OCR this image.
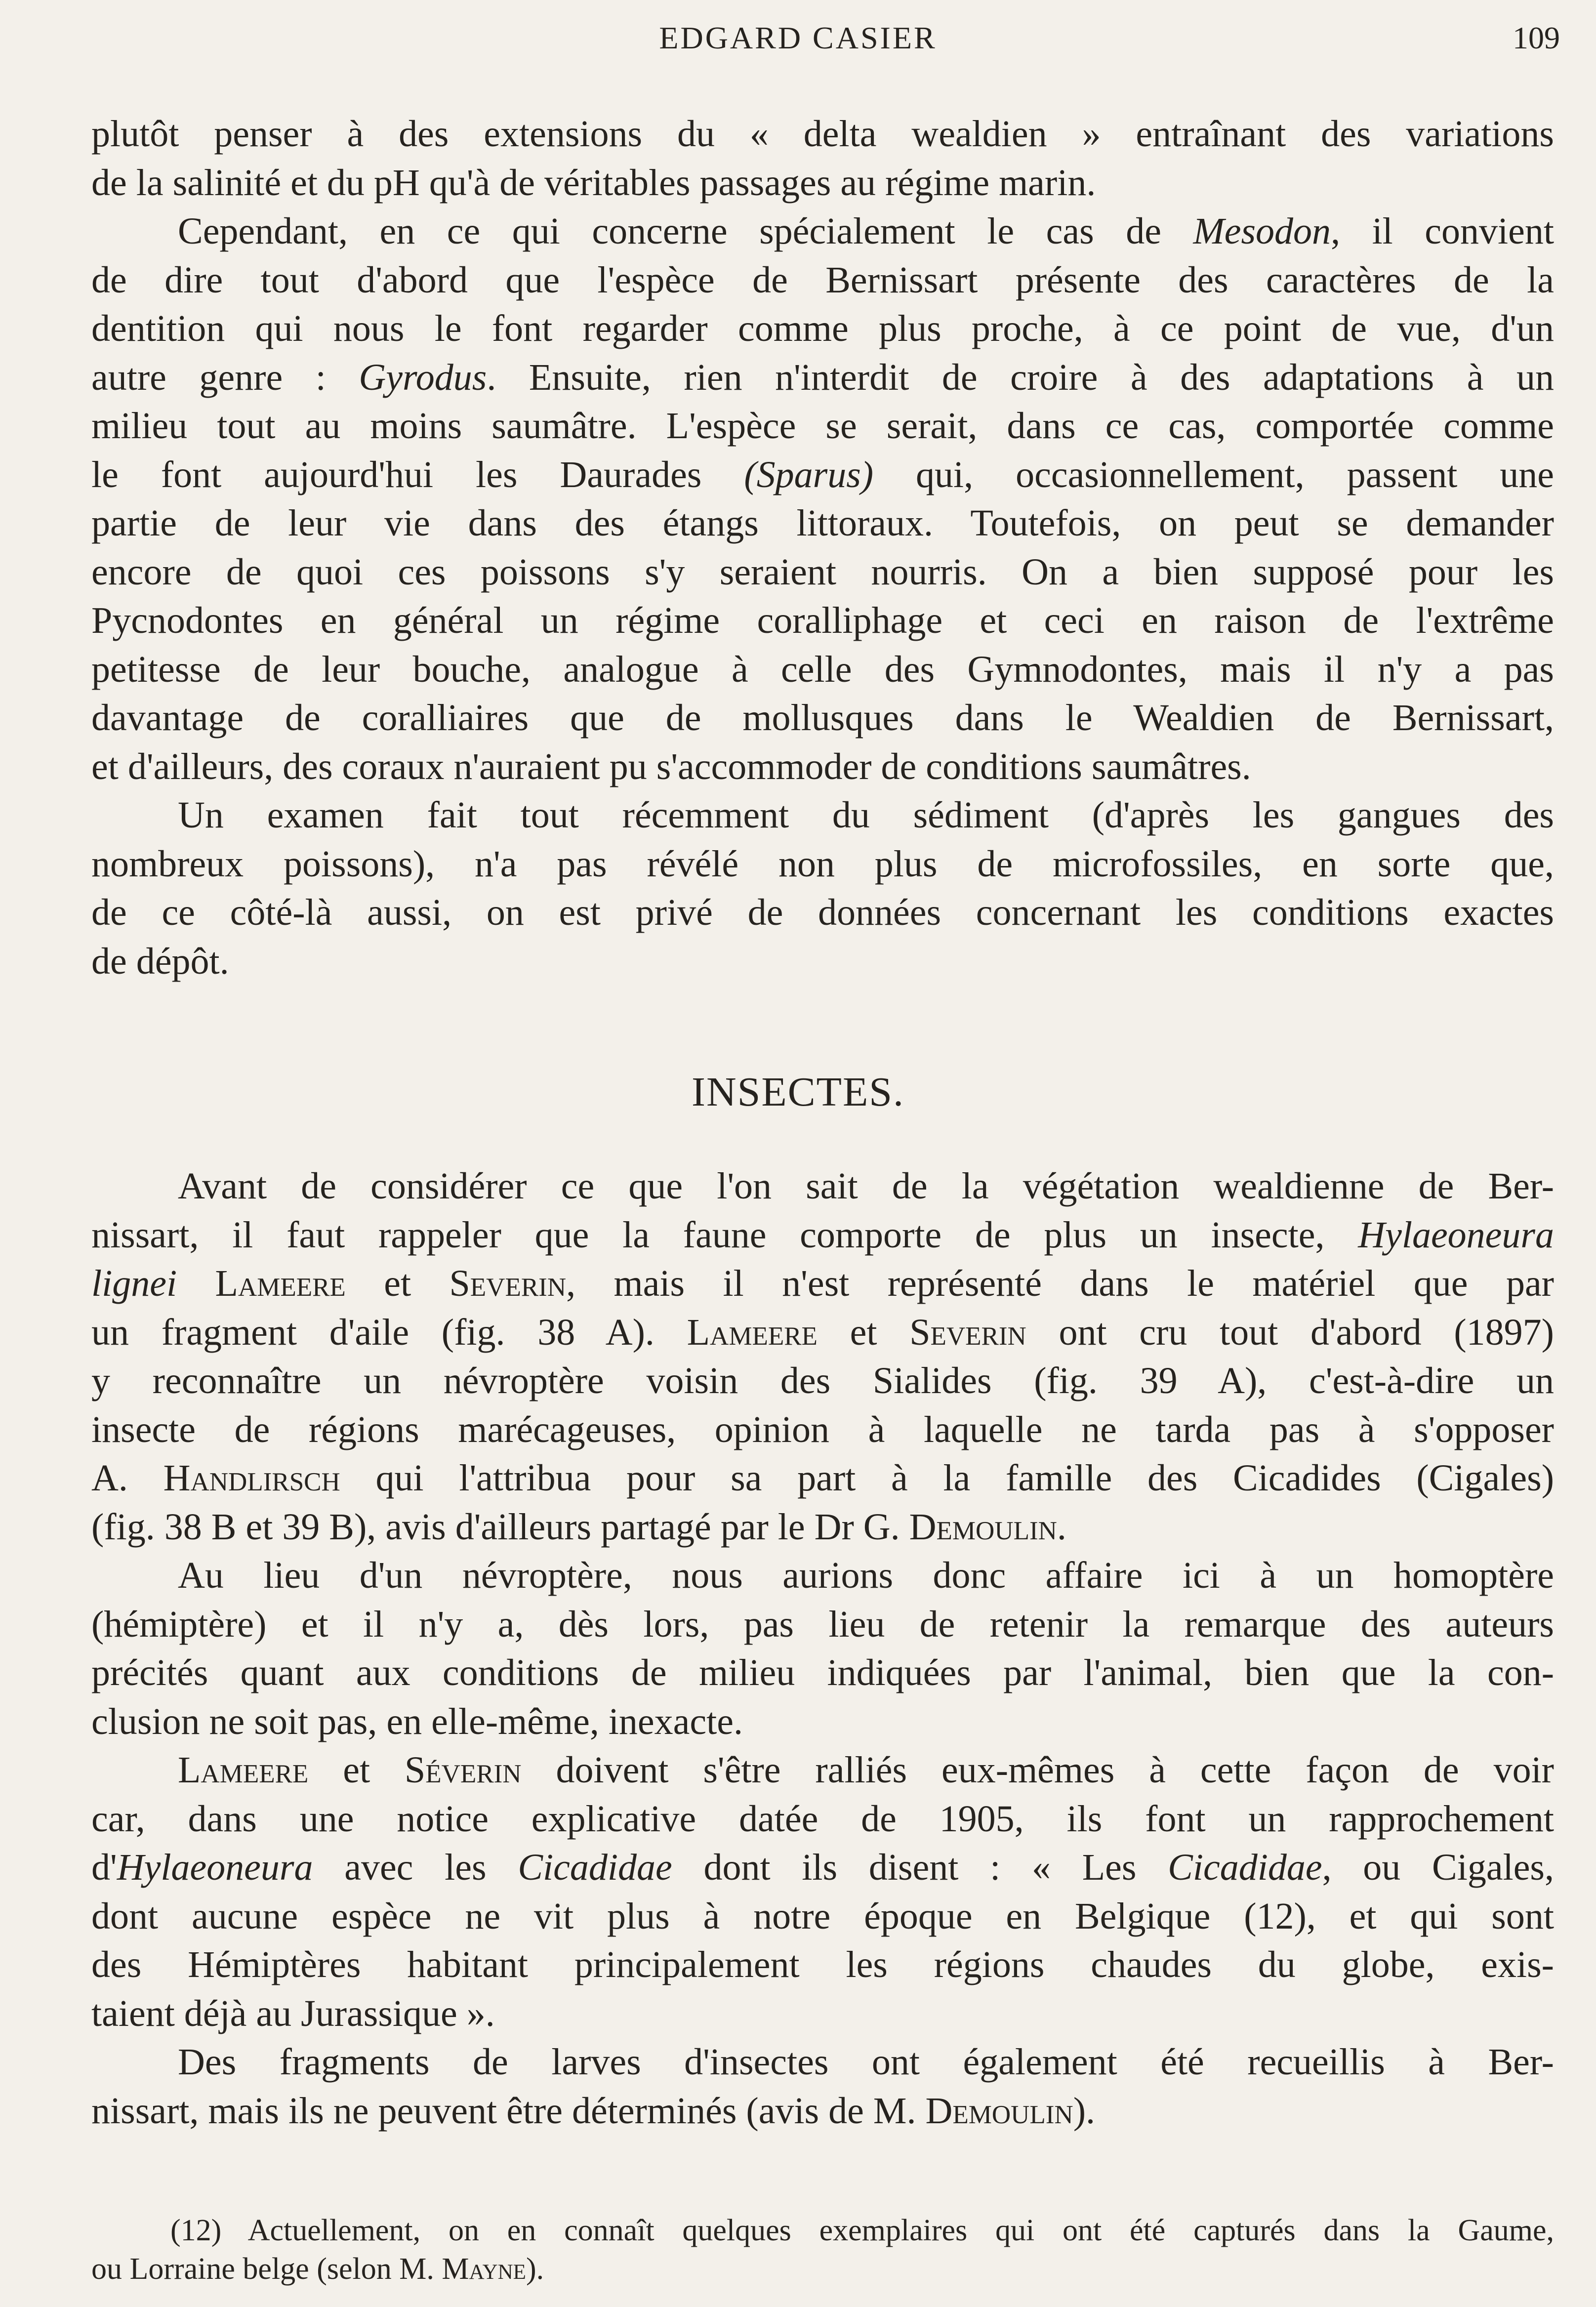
EDGARD CASIER	109

plutôt penser à des extensions du « delta wealdien » entraînant des variations
de la salinité et du pH qu'à de véritables passages au régime marin.

Cependant, en ce qui concerne spécialement le cas de Mesodon, il convient
de dire tout d'abord que l'espèce de Bernissart présente des caractères de la
dentition qui nous le font regarder comme plus proche, à ce point de vue, d'un
autre genre : Gyrodus. Ensuite, rien n'interdit de croire à des adaptations à un
milieu tout au moins saumâtre. L'espèce se serait, dans ce cas, comportée comme
le font aujourd'hui les Daurades (Sparus) qui, occasionnellement, passent une
partie de leur vie dans des étangs littoraux. Toutefois, on peut se demander
encore de quoi ces poissons s'y seraient nourris. On a bien supposé pour les
Pycnodontes en général un régime coralliphage et ceci en raison de l'extrême
petitesse de leur bouche, analogue à celle des Gymnodontes, mais il n'y a pas
davantage de coralliaires que de mollusques dans le Wealdien de Bernissart,
et d'ailleurs, des coraux n'auraient pu s'accommoder de conditions saumâtres.

Un examen fait tout récemment du sédiment (d'après les gangues des
nombreux poissons), n'a pas révélé non plus de microfossiles, en sorte que,
de ce côté-là aussi, on est privé de données concernant les conditions exactes
de dépôt.

INSECTES.

Avant de considérer ce que l'on sait de la végétation wealdienne de Ber-
nissart, il faut rappeler que la faune comporte de plus un insecte, Hylaeoneura
lignei Lameere et Severin, mais il n'est représenté dans le matériel que par
un fragment d'aile (fig. 38 A). Lameere et Severin ont cru tout d'abord (1897)
y reconnaître un névroptère voisin des Sialides (fig. 39 A), c'est-à-dire un
insecte de régions marécageuses, opinion à laquelle ne tarda pas à s'opposer
A. Handlirsch qui l'attribua pour sa part à la famille des Cicadides (Cigales)
(fig. 38 B et 39 B), avis d'ailleurs partagé par le Dr G. Demoulin.

Au lieu d'un névroptère, nous aurions donc affaire ici à un homoptère
(hémiptère) et il n'y a, dès lors, pas lieu de retenir la remarque des auteurs
précités quant aux conditions de milieu indiquées par l'animal, bien que la con-
clusion ne soit pas, en elle-même, inexacte.

Lameere et Séverin doivent s'être ralliés eux-mêmes à cette façon de voir
car, dans une notice explicative datée de 1905, ils font un rapprochement
d'Hylaeoneura avec les Cicadidae dont ils disent : « Les Cicadidae, ou Cigales,
dont aucune espèce ne vit plus à notre époque en Belgique (12), et qui sont
des Hémiptères habitant principalement les régions chaudes du globe, exis-
taient déjà au Jurassique ».

Des fragments de larves d'insectes ont également été recueillis à Ber-
nissart, mais ils ne peuvent être déterminés (avis de M. Demoulin).

(12) Actuellement, on en connaît quelques exemplaires qui ont été capturés dans la Gaume,
ou Lorraine belge (selon M. Mayne).
